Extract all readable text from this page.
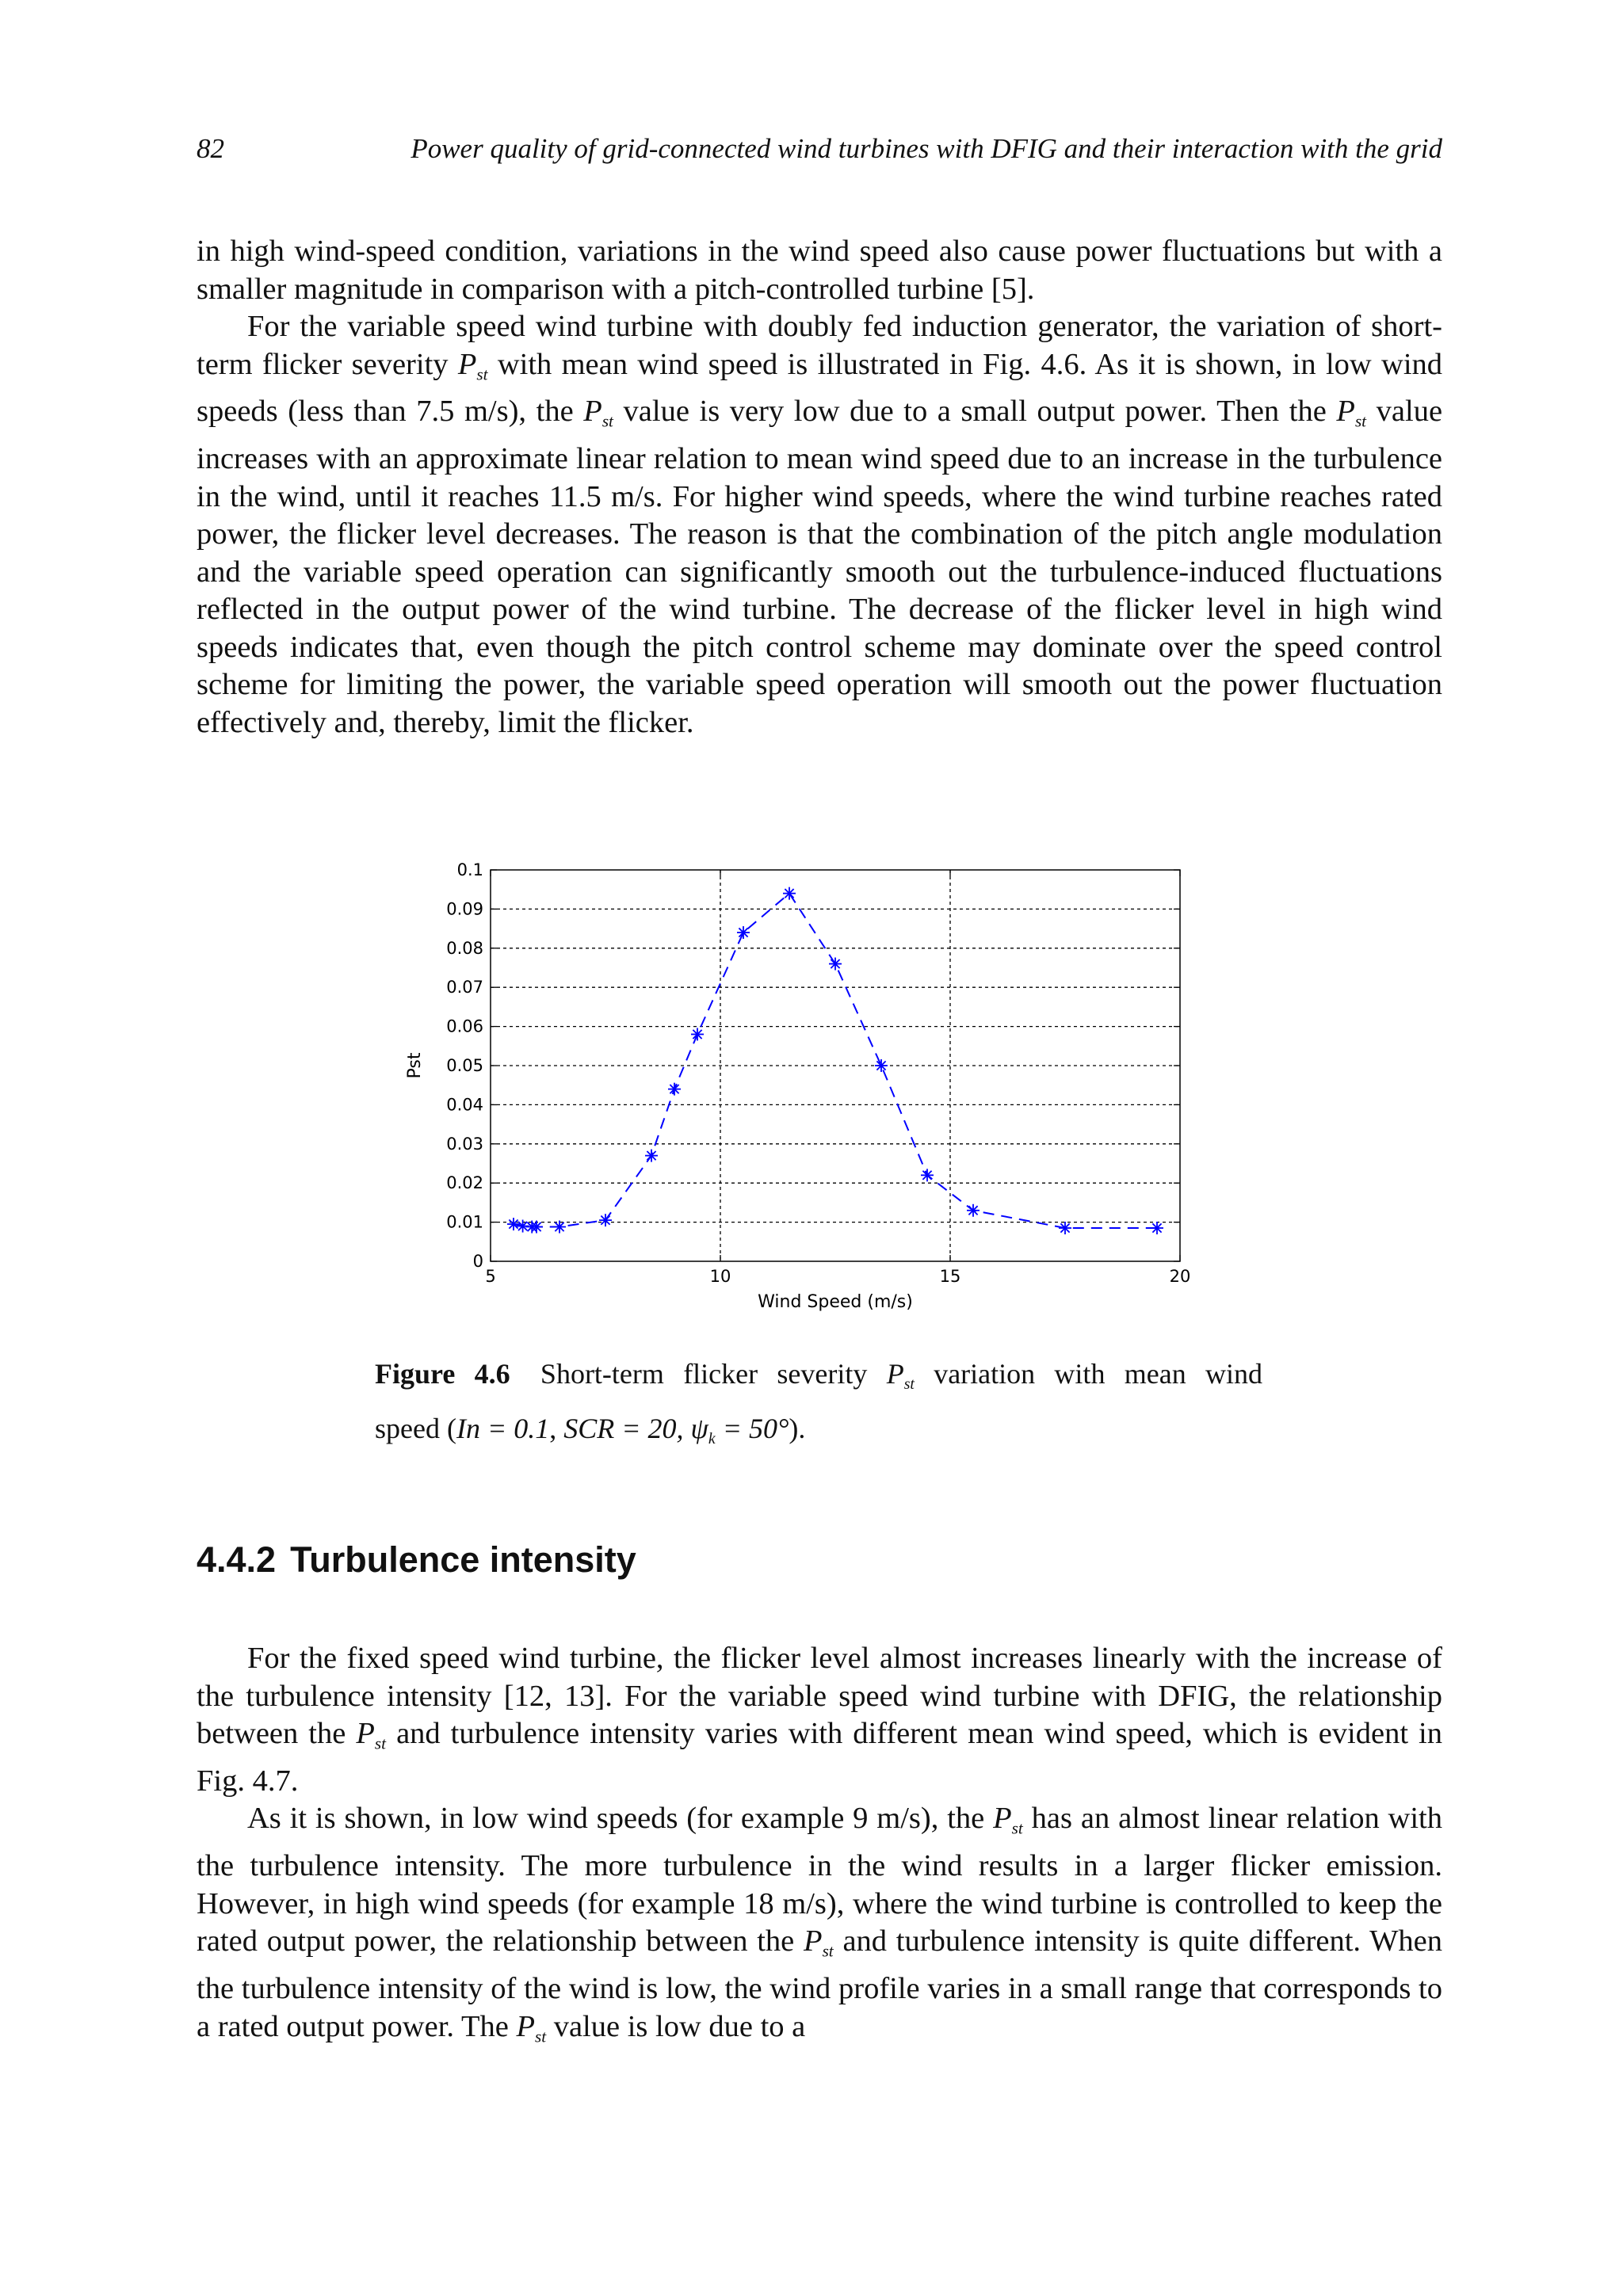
82	Power quality of grid-connected wind turbines with DFIG and their interaction with the grid

in high wind-speed condition, variations in the wind speed also cause power fluctuations but with a smaller magnitude in comparison with a pitch-controlled turbine [5].

For the variable speed wind turbine with doubly fed induction generator, the variation of short-term flicker severity $P_{st}$ with mean wind speed is illustrated in Fig. 4.6. As it is shown, in low wind speeds (less than 7.5 m/s), the $P_{st}$ value is very low due to a small output power. Then the $P_{st}$ value increases with an approximate linear relation to mean wind speed due to an increase in the turbulence in the wind, until it reaches 11.5 m/s. For higher wind speeds, where the wind turbine reaches rated power, the flicker level decreases. The reason is that the combination of the pitch angle modulation and the variable speed operation can significantly smooth out the turbulence-induced fluctuations reflected in the output power of the wind turbine. The decrease of the flicker level in high wind speeds indicates that, even though the pitch control scheme may dominate over the speed control scheme for limiting the power, the variable speed operation will smooth out the power fluctuation effectively and, thereby, limit the flicker.

0
0.01
0.02
0.03
0.04
0.05
0.06
0.07
0.08
0.09
0.1
5	10	15	20
Wind Speed (m/s)
Pst
Figure 4.6 Short-term flicker severity $P_{st}$ variation with mean wind
speed (In = 0.1, SCR = 20, $\psi_k = 50^\circ$).
4.4.2 Turbulence intensity

For the fixed speed wind turbine, the flicker level almost increases linearly with the increase of the turbulence intensity [12, 13]. For the variable speed wind turbine with DFIG, the relationship between the $P_{st}$ and turbulence intensity varies with different mean wind speed, which is evident in Fig. 4.7.

As it is shown, in low wind speeds (for example 9 m/s), the $P_{st}$ has an almost linear relation with the turbulence intensity. The more turbulence in the wind results in a larger flicker emission. However, in high wind speeds (for example 18 m/s), where the wind turbine is controlled to keep the rated output power, the relationship between the $P_{st}$ and turbulence intensity is quite different. When the turbulence intensity of the wind is low, the wind profile varies in a small range that corresponds to a rated output power. The $P_{st}$ value is low due to a
